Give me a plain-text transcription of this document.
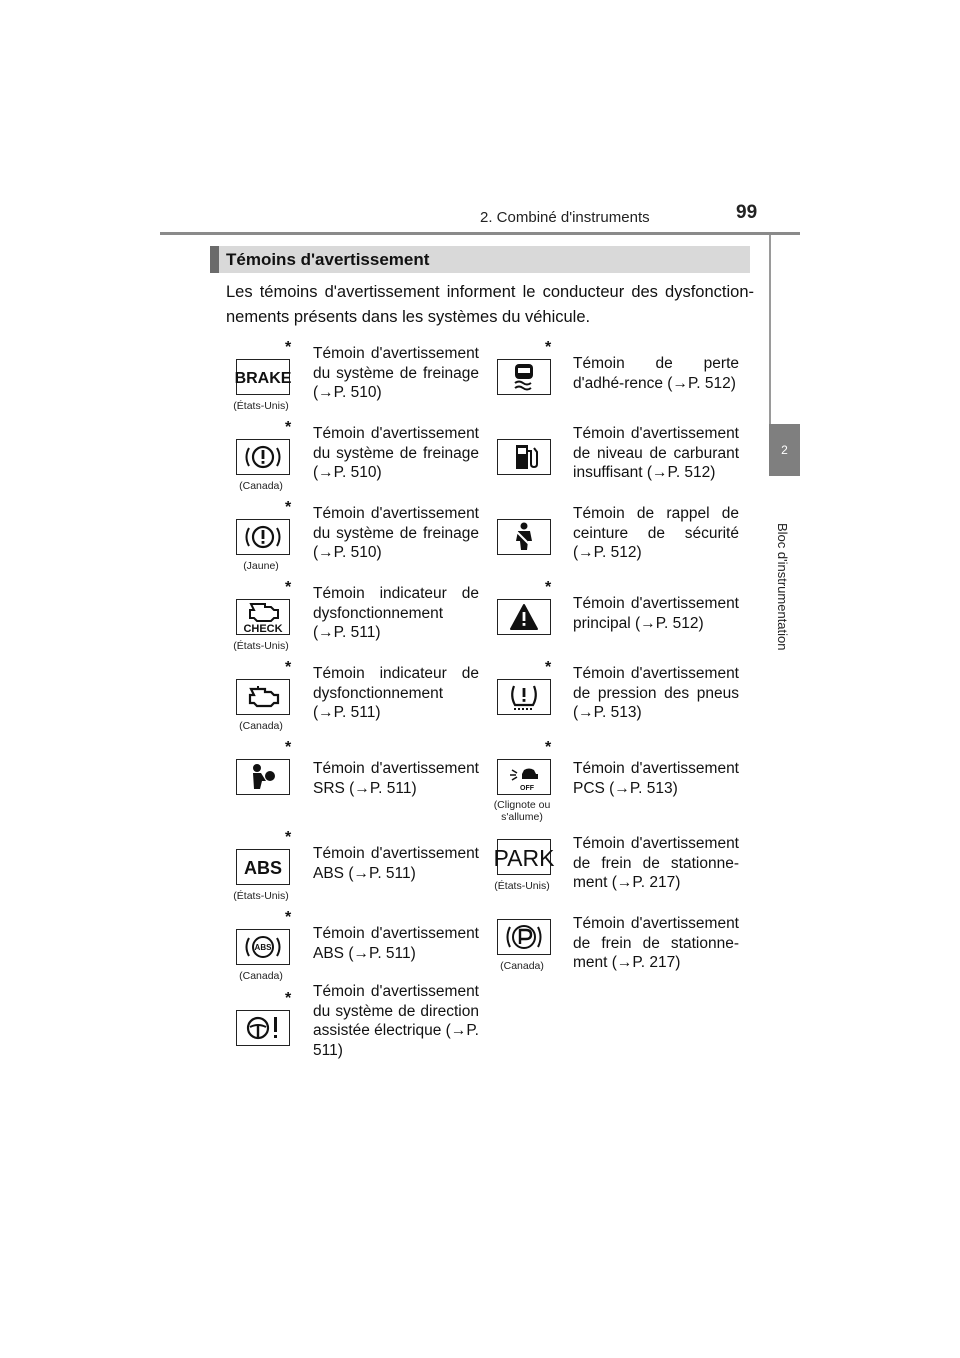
2. Combiné d'instruments	99
2
Bloc d'instrumentation
Témoins d'avertissement
Les témoins d'avertissement informent le conducteur des dysfonction-nements présents dans les systèmes du véhicule.
*
BRAKE
(États-Unis)
Témoin d'avertissement du système de freinage (→P. 510)
*
(Canada)
Témoin d'avertissement du système de freinage (→P. 510)
*
(Jaune)
Témoin d'avertissement du système de freinage (→P. 510)
*
CHECK
(États-Unis)
Témoin indicateur de dysfonctionnement (→P. 511)
*
(Canada)
Témoin indicateur de dysfonctionnement (→P. 511)
*
Témoin d'avertissement SRS (→P. 511)
*
ABS
(États-Unis)
Témoin d'avertissement ABS (→P. 511)
*
ABS
(Canada)
Témoin d'avertissement ABS (→P. 511)
* Témoin d'avertissement du système de direction assistée électrique (→P. 511)
*
Témoin de perte d'adhé-rence (→P. 512)
Témoin d'avertissement de niveau de carburant insuffisant (→P. 512)
Témoin de rappel de ceinture de sécurité (→P. 512)
*
Témoin d'avertissement principal (→P. 512)
* Témoin d'avertissement de pression des pneus (→P. 513)
*
OFF
(Clignote ou s'allume)
Témoin d'avertissement PCS (→P. 513)
PARK
(États-Unis)
Témoin d'avertissement de frein de stationne-ment (→P. 217)
(Canada)
Témoin d'avertissement de frein de stationne-ment (→P. 217)
